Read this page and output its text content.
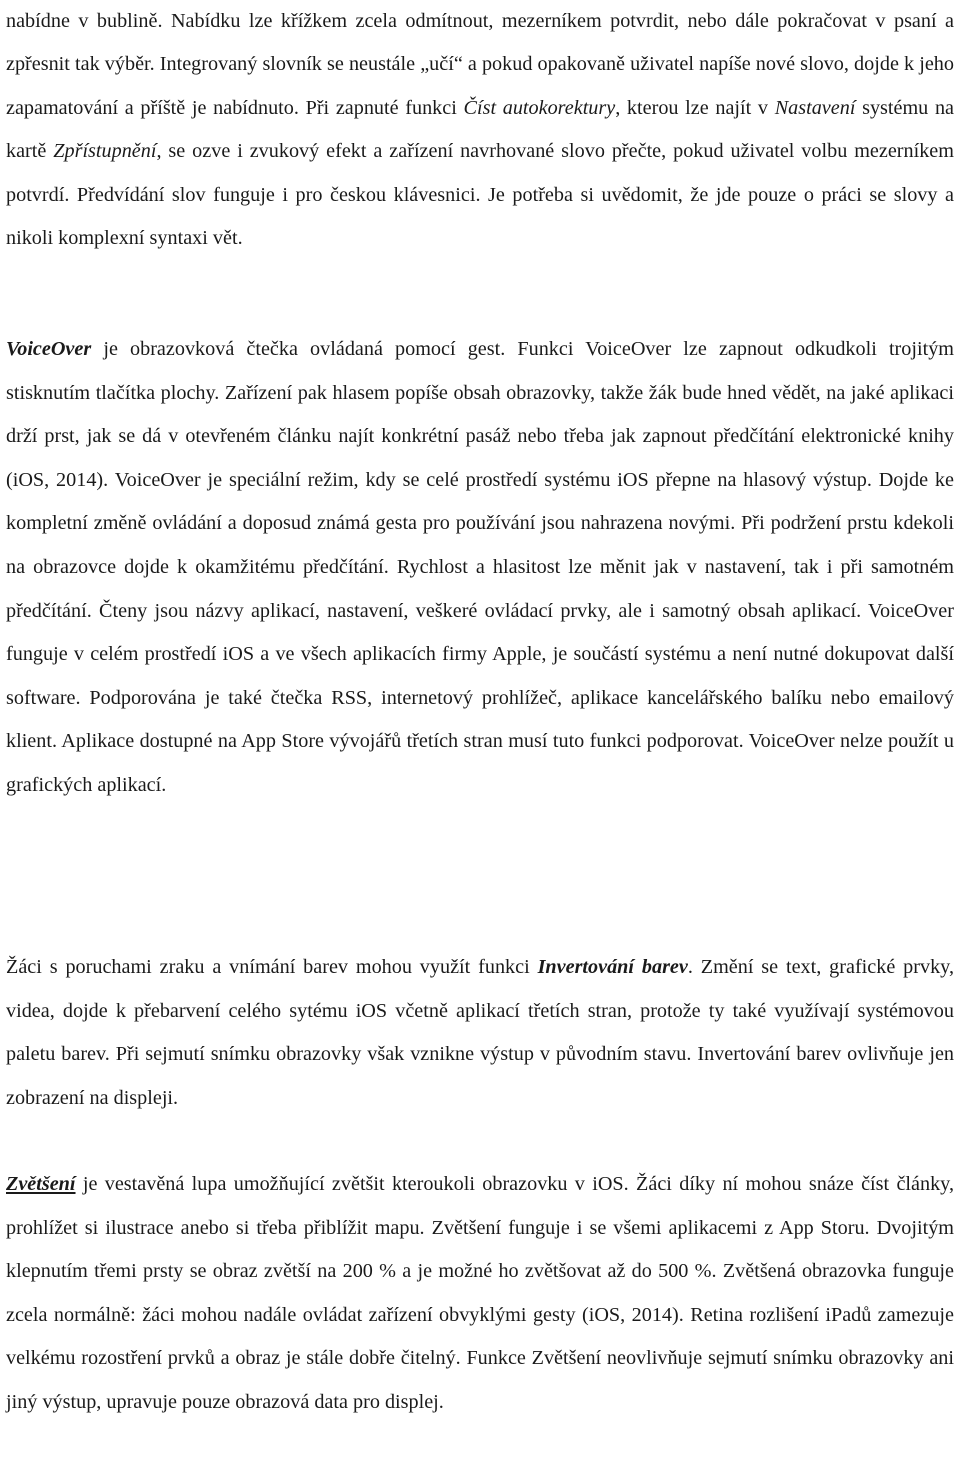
nabídne v bublině. Nabídku lze křížkem zcela odmítnout, mezerníkem potvrdit, nebo dále pokračovat v psaní a zpřesnit tak výběr. Integrovaný slovník se neustále „učí“ a pokud opakovaně uživatel napíše nové slovo, dojde k jeho zapamatování a příště je nabídnuto. Při zapnuté funkci Číst autokorektury, kterou lze najít v Nastavení systému na kartě Zpřístupnění, se ozve i zvukový efekt a zařízení navrhované slovo přečte, pokud uživatel volbu mezerníkem potvrdí. Předvídání slov funguje i pro českou klávesnici. Je potřeba si uvědomit, že jde pouze o práci se slovy a nikoli komplexní syntaxi vět.

VoiceOver je obrazovková čtečka ovládaná pomocí gest. Funkci VoiceOver lze zapnout odkudkoli trojitým stisknutím tlačítka plochy. Zařízení pak hlasem popíše obsah obrazovky, takže žák bude hned vědět, na jaké aplikaci drží prst, jak se dá v otevřeném článku najít konkrétní pasáž nebo třeba jak zapnout předčítání elektronické knihy (iOS, 2014). VoiceOver je speciální režim, kdy se celé prostředí systému iOS přepne na hlasový výstup. Dojde ke kompletní změně ovládání a doposud známá gesta pro používání jsou nahrazena novými. Při podržení prstu kdekoli na obrazovce dojde k okamžitému předčítání. Rychlost a hlasitost lze měnit jak v nastavení, tak i při samotném předčítání. Čteny jsou názvy aplikací, nastavení, veškeré ovládací prvky, ale i samotný obsah aplikací. VoiceOver funguje v celém prostředí iOS a ve všech aplikacích firmy Apple, je součástí systému a není nutné dokupovat další software. Podporována je také čtečka RSS, internetový prohlížeč, aplikace kancelářského balíku nebo emailový klient. Aplikace dostupné na App Store vývojářů třetích stran musí tuto funkci podporovat. VoiceOver nelze použít u grafických aplikací.

Žáci s poruchami zraku a vnímání barev mohou využít funkci Invertování barev. Změní se text, grafické prvky, videa, dojde k přebarvení celého sytému iOS včetně aplikací třetích stran, protože ty také využívají systémovou paletu barev. Při sejmutí snímku obrazovky však vznikne výstup v původním stavu. Invertování barev ovlivňuje jen zobrazení na displeji.

Zvětšení je vestavěná lupa umožňující zvětšit kteroukoli obrazovku v iOS. Žáci díky ní mohou snáze číst články, prohlížet si ilustrace anebo si třeba přiblížit mapu. Zvětšení funguje i se všemi aplikacemi z App Storu. Dvojitým klepnutím třemi prsty se obraz zvětší na 200 % a je možné ho zvětšovat až do 500 %. Zvětšená obrazovka funguje zcela normálně: žáci mohou nadále ovládat zařízení obvyklými gesty (iOS, 2014). Retina rozlišení iPadů zamezuje velkému rozostření prvků a obraz je stále dobře čitelný. Funkce Zvětšení neovlivňuje sejmutí snímku obrazovky ani jiný výstup, upravuje pouze obrazová data pro displej.
